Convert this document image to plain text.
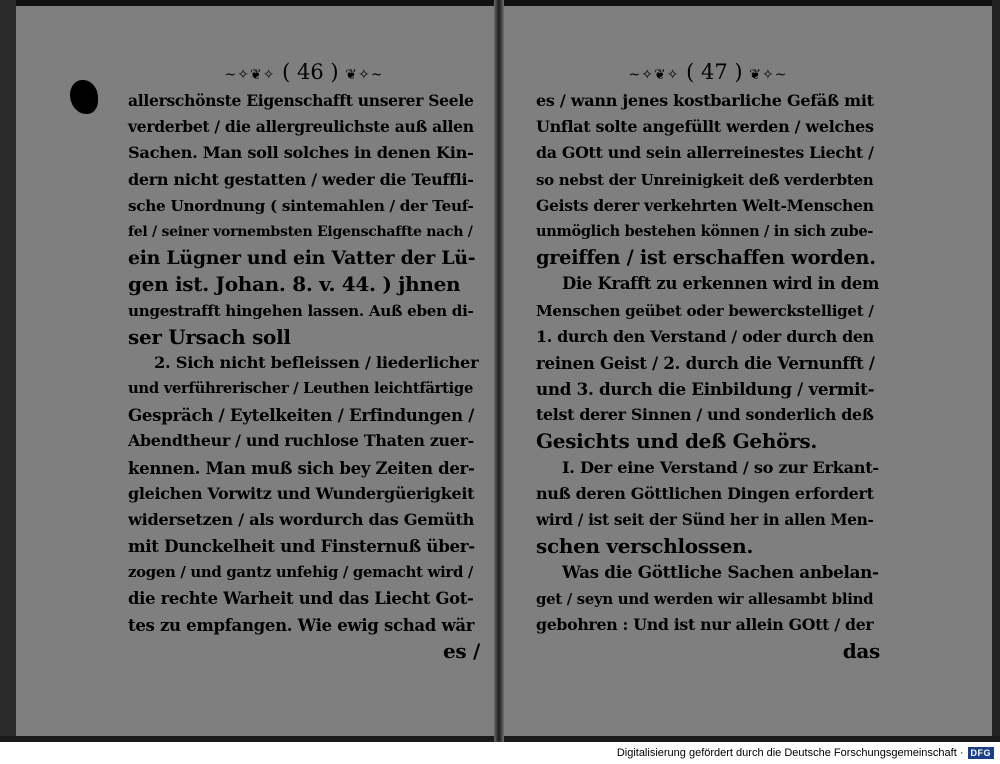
~✧❦✧ ( 46 ) ❦✧~
allerschönste Eigenschafft unserer Seele
verderbet / die allergreulichste auß allen
Sachen. Man soll solches in denen Kin-
dern nicht gestatten / weder die Teuffli-
sche Unordnung ( sintemahlen / der Teuf-
fel / seiner vornembsten Eigenschaffte nach /
ein Lügner und ein Vatter der Lü-
gen ist. Johan. 8. v. 44. ) jhnen
ungestrafft hingehen lassen. Auß eben di-
ser Ursach soll
2. Sich nicht befleissen / liederlicher
und verführerischer / Leuthen leichtfärtige
Gespräch / Eytelkeiten / Erfindungen /
Abendtheur / und ruchlose Thaten zuer-
kennen. Man muß sich bey Zeiten der-
gleichen Vorwitz und Wundergüerigkeit
widersetzen / als wordurch das Gemüth
mit Dunckelheit und Finsternuß über-
zogen / und gantz unfehig / gemacht wird /
die rechte Warheit und das Liecht Got-
tes zu empfangen. Wie ewig schad wär
es /
~✧❦✧ ( 47 ) ❦✧~
es / wann jenes kostbarliche Gefäß mit
Unflat solte angefüllt werden / welches
da GOtt und sein allerreinestes Liecht /
so nebst der Unreinigkeit deß verderbten
Geists derer verkehrten Welt-Menschen
unmöglich bestehen können / in sich zube-
greiffen / ist erschaffen worden.
Die Krafft zu erkennen wird in dem
Menschen geübet oder bewerckstelliget /
1. durch den Verstand / oder durch den
reinen Geist / 2. durch die Vernunfft /
und 3. durch die Einbildung / vermit-
telst derer Sinnen / und sonderlich deß
Gesichts und deß Gehörs.
I. Der eine Verstand / so zur Erkant-
nuß deren Göttlichen Dingen erfordert
wird / ist seit der Sünd her in allen Men-
schen verschlossen.
Was die Göttliche Sachen anbelan-
get / seyn und werden wir allesambt blind
gebohren : Und ist nur allein GOtt / der
das
Digitalisierung gefördert durch die Deutsche Forschungsgemeinschaft · DFG
